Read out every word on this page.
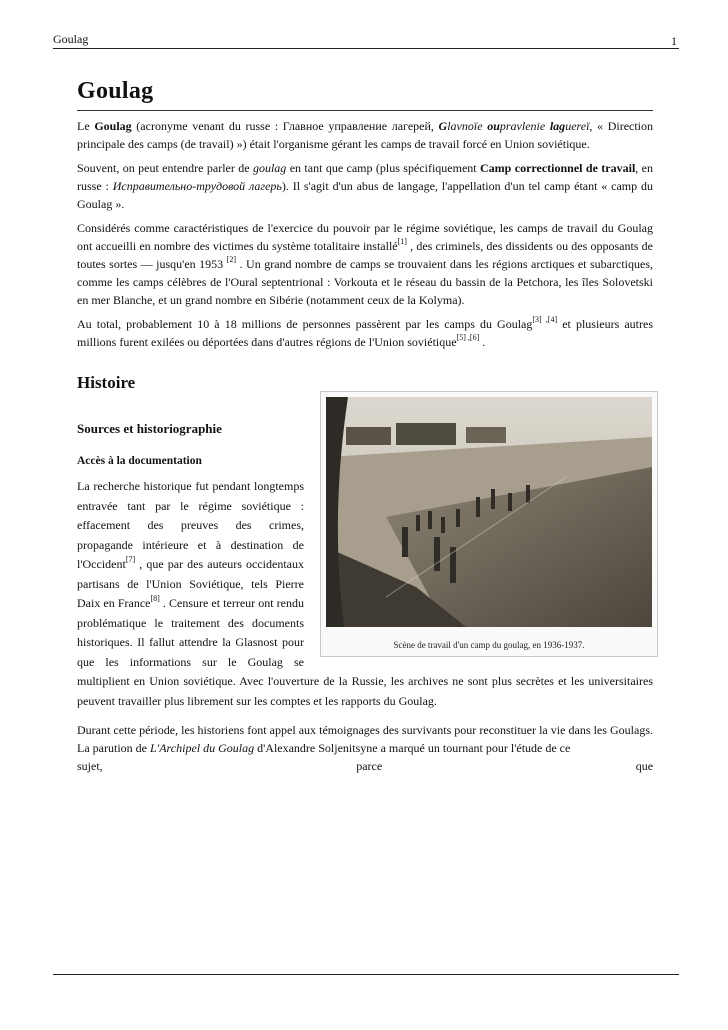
Goulag	1
Goulag

Le Goulag (acronyme venant du russe : Главное управление лагерей, Glavnoïe oupravlenie laguereï, « Direction principale des camps (de travail) ») était l'organisme gérant les camps de travail forcé en Union soviétique.

Souvent, on peut entendre parler de goulag en tant que camp (plus spécifiquement Camp correctionnel de travail, en russe : Исправительно-трудовой лагерь). Il s'agit d'un abus de langage, l'appellation d'un tel camp étant « camp du Goulag ».

Considérés comme caractéristiques de l'exercice du pouvoir par le régime soviétique, les camps de travail du Goulag ont accueilli en nombre des victimes du système totalitaire installé[1] , des criminels, des dissidents ou des opposants de toutes sortes — jusqu'en 1953 [2] . Un grand nombre de camps se trouvaient dans les régions arctiques et subarctiques, comme les camps célèbres de l'Oural septentrional : Vorkouta et le réseau du bassin de la Petchora, les îles Solovetski en mer Blanche, et un grand nombre en Sibérie (notamment ceux de la Kolyma).

Au total, probablement 10 à 18 millions de personnes passèrent par les camps du Goulag[3] $^{,[4]}$ et plusieurs autres millions furent exilées ou déportées dans d'autres régions de l'Union soviétique[5] $^{,[6]}$ .

Histoire
Scène de travail d'un camp du goulag, en 1936-1937.
Sources et historiographie
Accès à la documentation

La recherche historique fut pendant longtemps entravée tant par le régime soviétique : effacement des preuves des crimes, propagande intérieure et à destination de l'Occident[7] , que par des auteurs occidentaux partisans de l'Union Soviétique, tels Pierre Daix en France[8] . Censure et terreur ont rendu problématique le traitement des documents historiques. Il fallut attendre la Glasnost pour que les informations sur le Goulag se multiplient en Union soviétique. Avec l'ouverture de la Russie, les archives ne sont plus secrètes et les universitaires peuvent travailler plus librement sur les comptes et les rapports du Goulag.

Durant cette période, les historiens font appel aux témoignages des survivants pour reconstituer la vie dans les Goulags. La parution de L'Archipel du Goulag d'Alexandre Soljenitsyne a marqué un tournant pour l'étude de ce

sujet,	parce	que
